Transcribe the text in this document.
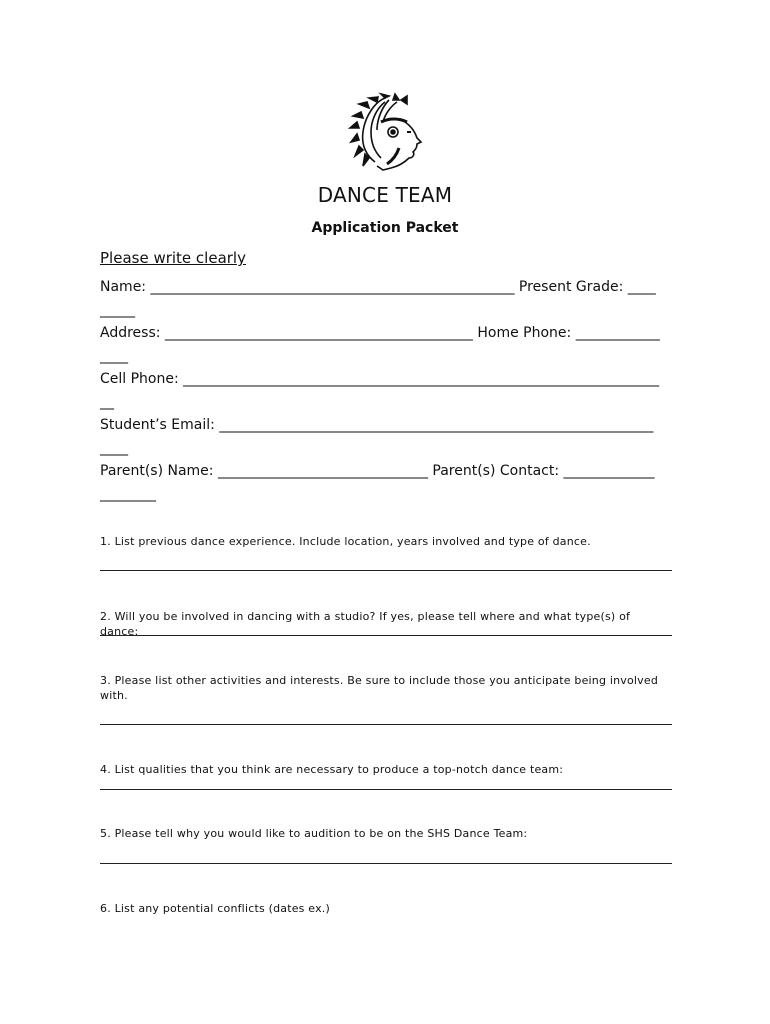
DANCE TEAM
Application Packet
Please write clearly
Name: ____________________________________________________ Present Grade: _________
Address: ____________________________________________ Home Phone: ________________
Cell Phone: ______________________________________________________________________
Student’s Email: __________________________________________________________________
Parent(s) Name: ______________________________ Parent(s) Contact: _____________________
1. List previous dance experience. Include location, years involved and type of dance.
2. Will you be involved in dancing with a studio? If yes, please tell where and what type(s) of dance:
3. Please list other activities and interests. Be sure to include those you anticipate being involved with.
4. List qualities that you think are necessary to produce a top-notch dance team:
5. Please tell why you would like to audition to be on the SHS Dance Team:
6. List any potential conflicts (dates ex.)
